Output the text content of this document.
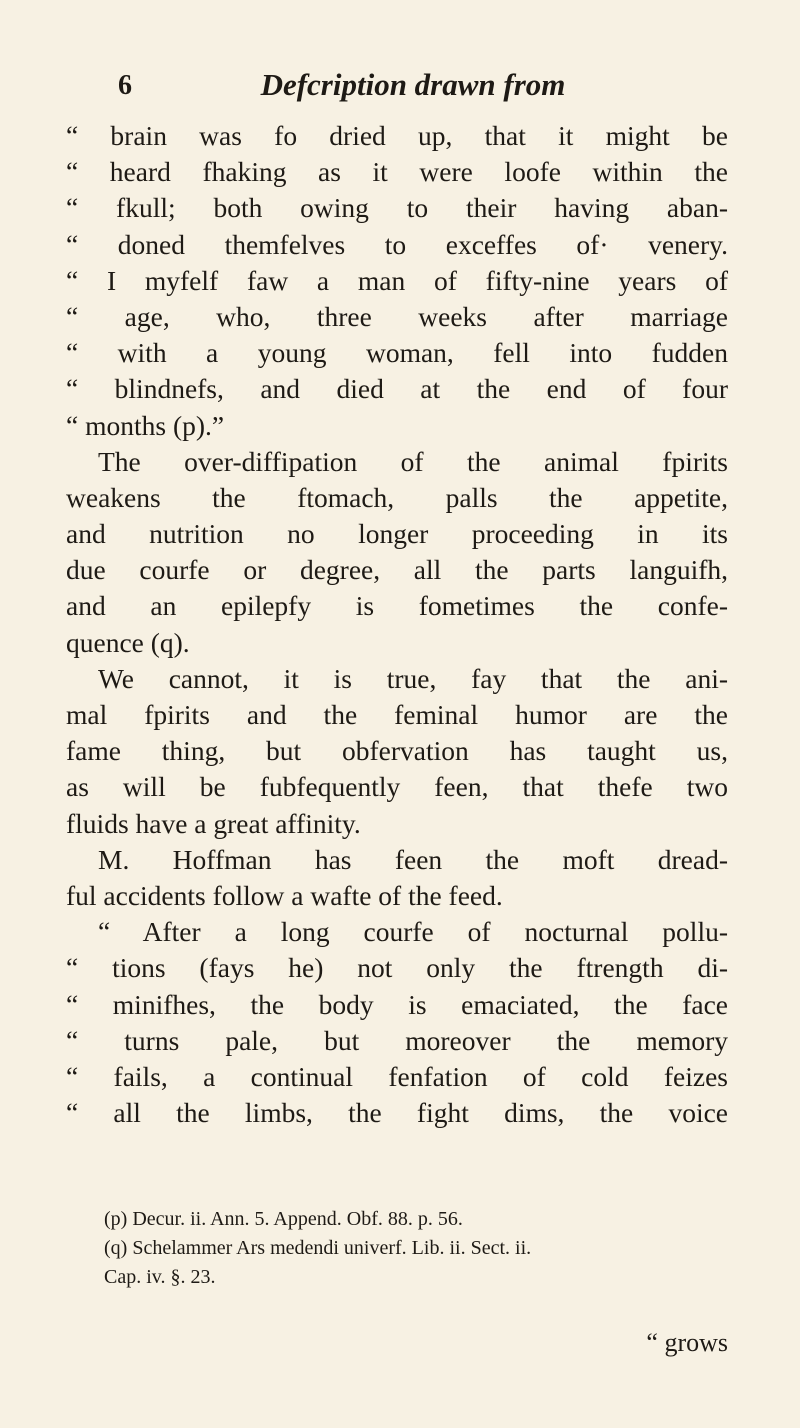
6	Defcription drawn from
“ brain was fo dried up, that it might be
“ heard fhaking as it were loofe within the
“ fkull; both owing to their having aban-
“ doned themfelves to exceffes of· venery.
“ I myfelf faw a man of fifty-nine years of
“ age, who, three weeks after marriage
“ with a young woman, fell into fudden
“ blindnefs, and died at the end of four
“ months (p).”
The over-diffipation of the animal fpirits
weakens the ftomach, palls the appetite,
and nutrition no longer proceeding in its
due courfe or degree, all the parts languifh,
and an epilepfy is fometimes the confe-
quence (q).
We cannot, it is true, fay that the ani-
mal fpirits and the feminal humor are the
fame thing, but obfervation has taught us,
as will be fubfequently feen, that thefe two
fluids have a great affinity.
M. Hoffman has feen the moft dread-
ful accidents follow a wafte of the feed.
“ After a long courfe of nocturnal pollu-
“ tions (fays he) not only the ftrength di-
“ minifhes, the body is emaciated, the face
“ turns pale, but moreover the memory
“ fails, a continual fenfation of cold feizes
“ all the limbs, the fight dims, the voice
(p) Decur. ii. Ann. 5. Append. Obf. 88. p. 56.
(q) Schelammer Ars medendi univerf. Lib. ii. Sect. ii.
Cap. iv. §. 23.
“ grows
